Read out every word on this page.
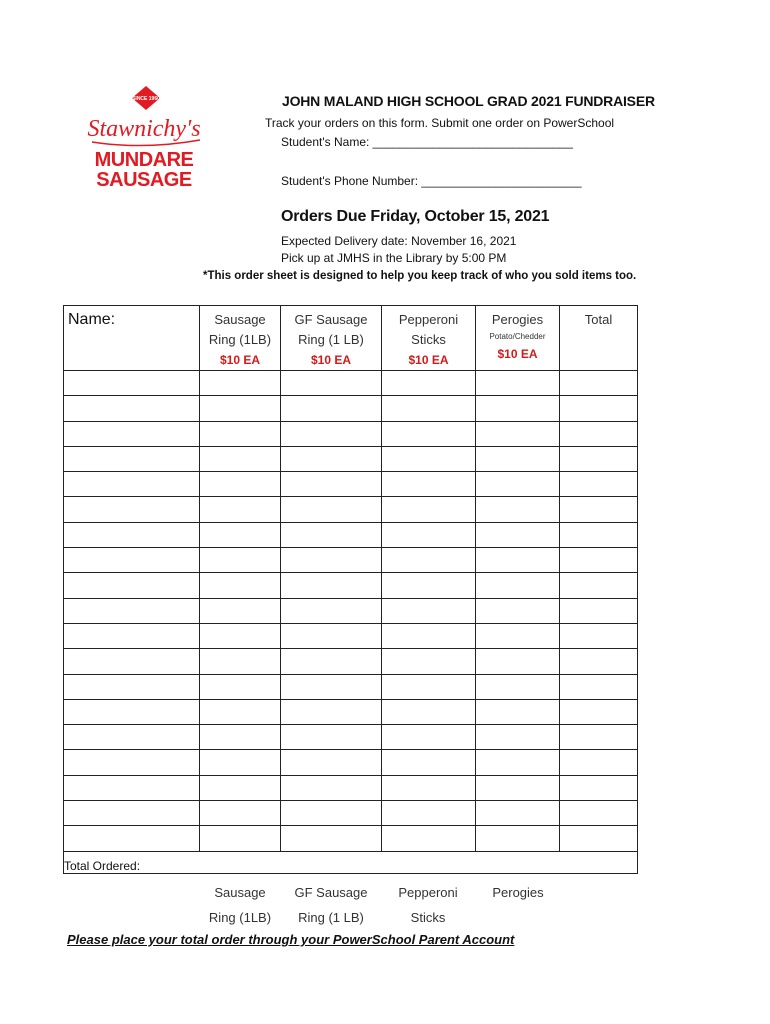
SINCE 1960
Stawnichy's
MUNDARE
SAUSAGE
JOHN MALAND HIGH SCHOOL GRAD 2021 FUNDRAISER
Track your orders on this form. Submit one order on PowerSchool
Student's Name: ______________________________
Student's Phone Number: ________________________
Orders Due Friday, October 15, 2021
Expected Delivery date: November 16, 2021
Pick up at JMHS in the Library by 5:00 PM
*This order sheet is designed to help you keep track of who you sold items too.
Name:	Sausage
Ring (1LB)
$10 EA	GF Sausage
Ring (1 LB)
$10 EA	Pepperoni
Sticks
$10 EA	Perogies

Potato/Chedder
$10 EA	Total

Total Ordered:					
Sausage
Ring (1LB)
GF Sausage
Ring (1 LB)
Pepperoni
Sticks
Perogies
Please place your total order through your PowerSchool Parent Account
